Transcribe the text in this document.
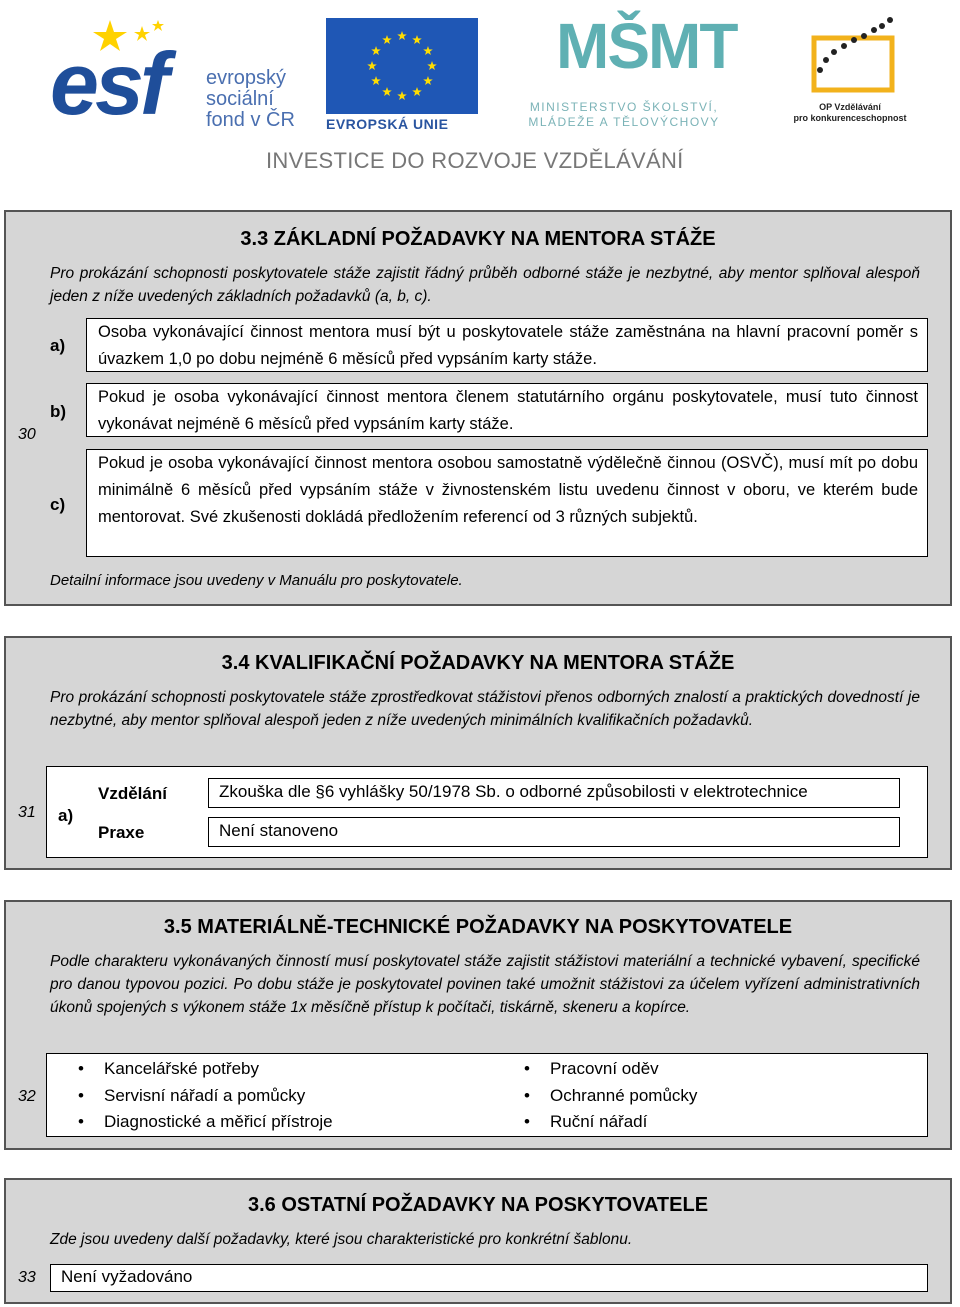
esf evropský
sociální
fond v ČR EVROPSKÁ UNIE
MŠMT
MINISTERSTVO ŠKOLSTVÍ,
MLÁDEŽE A TĚLOVÝCHOVY
OP Vzdělávání
pro konkurenceschopnost
INVESTICE DO ROZVOJE VZDĚLÁVÁNÍ
3.3 ZÁKLADNÍ POŽADAVKY NA MENTORA STÁŽE
Pro prokázání schopnosti poskytovatele stáže zajistit řádný průběh odborné stáže je nezbytné, aby mentor splňoval alespoň jeden z níže uvedených základních požadavků (a, b, c).
30
a)
Osoba vykonávající činnost mentora musí být u poskytovatele stáže zaměstnána na hlavní pracovní poměr s úvazkem 1,0 po dobu nejméně 6 měsíců před vypsáním karty stáže.
b)
Pokud je osoba vykonávající činnost mentora členem statutárního orgánu poskytovatele, musí tuto činnost vykonávat nejméně 6 měsíců před vypsáním karty stáže.
c)
Pokud je osoba vykonávající činnost mentora osobou samostatně výdělečně činnou (OSVČ), musí mít po dobu minimálně 6 měsíců před vypsáním stáže v živnostenském listu uvedenu činnost v oboru, ve kterém bude mentorovat. Své zkušenosti dokládá předložením referencí od 3 různých subjektů.
Detailní informace jsou uvedeny v Manuálu pro poskytovatele.
3.4 KVALIFIKAČNÍ POŽADAVKY NA MENTORA STÁŽE
Pro prokázání schopnosti poskytovatele stáže zprostředkovat stážistovi přenos odborných znalostí a praktických dovedností je nezbytné, aby mentor splňoval alespoň jeden z níže uvedených minimálních kvalifikačních požadavků.
31 a)
Vzdělání	Zkouška dle §6 vyhlášky 50/1978 Sb. o odborné způsobilosti v elektrotechnice
Praxe	Není stanoveno
3.5 MATERIÁLNĚ-TECHNICKÉ POŽADAVKY NA POSKYTOVATELE
Podle charakteru vykonávaných činností musí poskytovatel stáže zajistit stážistovi materiální a technické vybavení, specifické pro danou typovou pozici. Po dobu stáže je poskytovatel povinen také umožnit stážistovi za účelem vyřízení administrativních úkonů spojených s výkonem stáže 1x měsíčně přístup k počítači, tiskárně, skeneru a kopírce.
32
• Kancelářské potřeby
• Servisní nářadí a pomůcky
• Diagnostické a měřicí přístroje
• Pracovní oděv
• Ochranné pomůcky
• Ruční nářadí
3.6 OSTATNÍ POŽADAVKY NA POSKYTOVATELE
Zde jsou uvedeny další požadavky, které jsou charakteristické pro konkrétní šablonu.
33	Není vyžadováno
